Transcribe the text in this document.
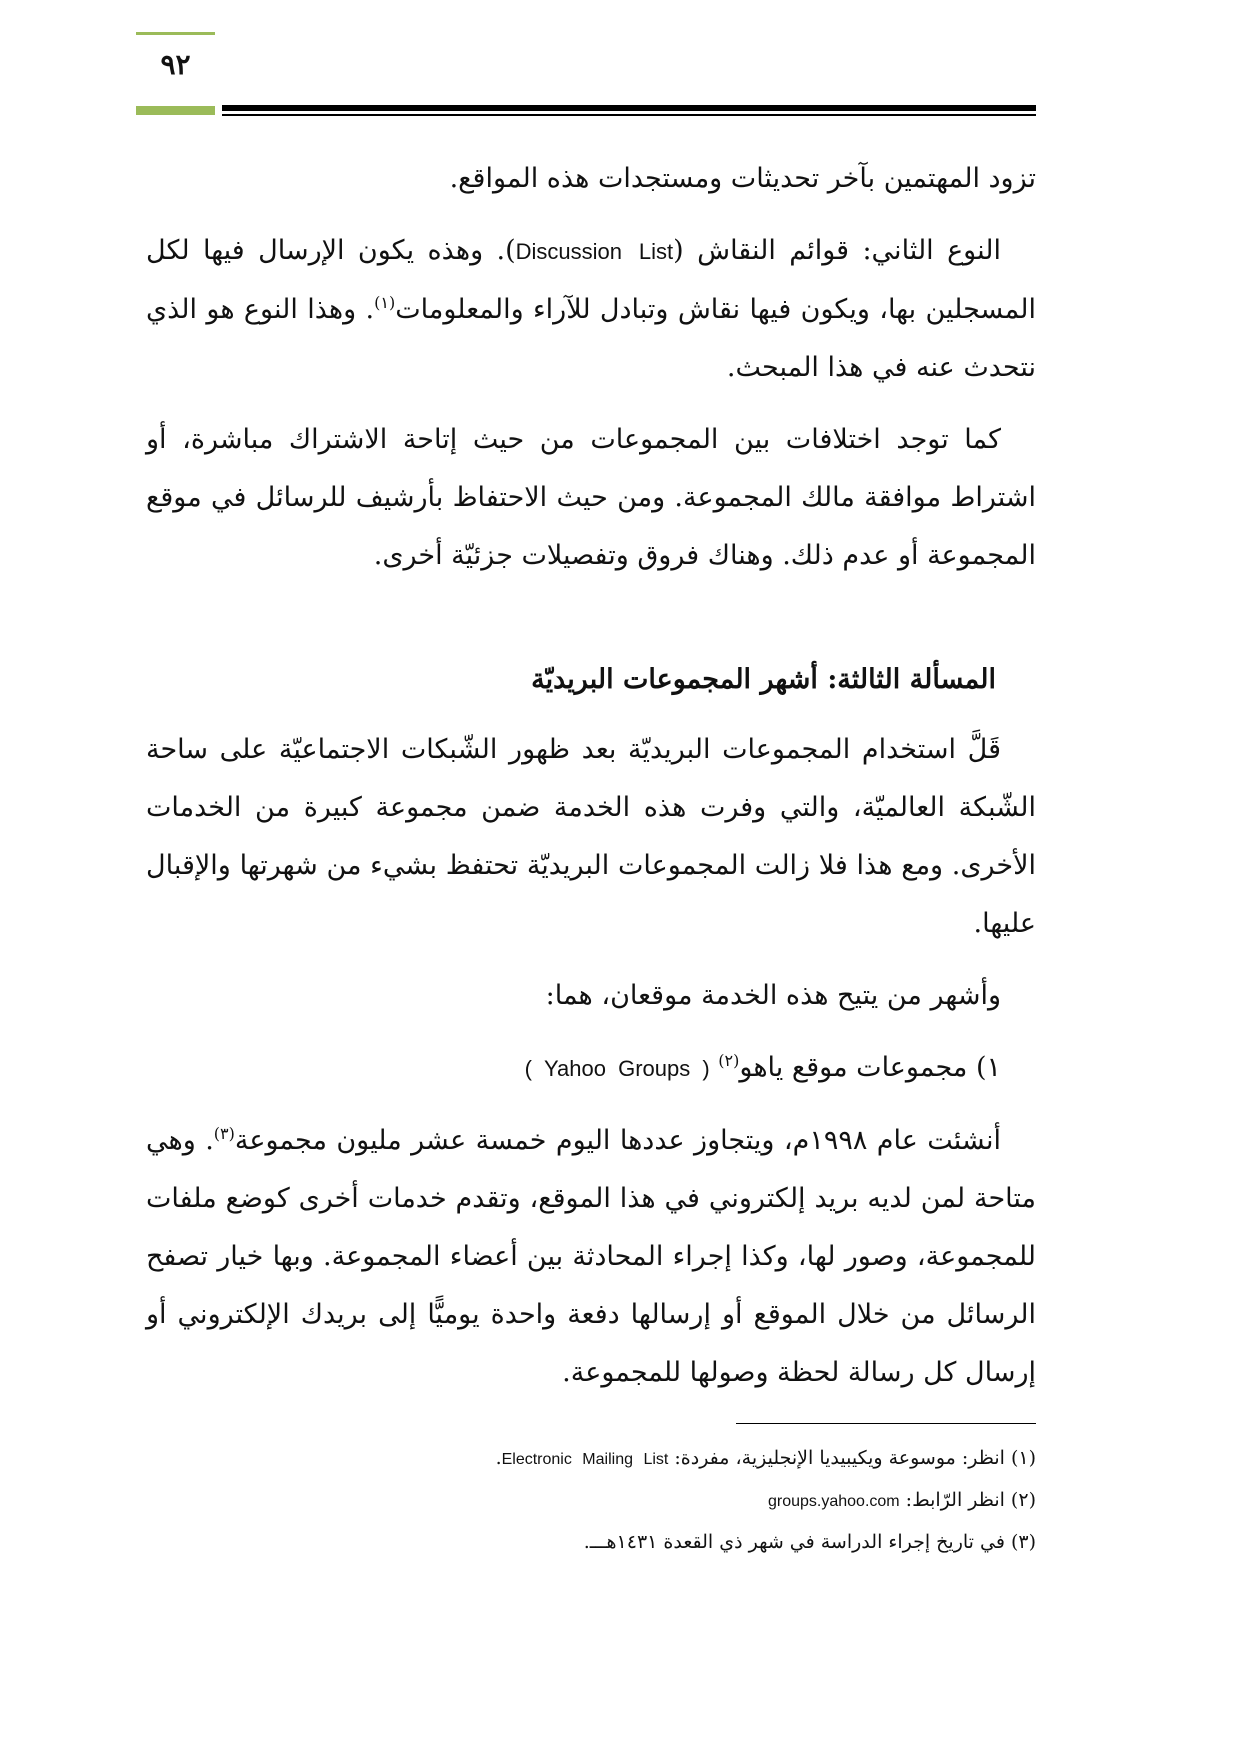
٩٢

تزود المهتمين بآخر تحديثات ومستجدات هذه المواقع.

النوع الثاني: قوائم النقاش (Discussion List). وهذه يكون الإرسال فيها لكل المسجلين بها، ويكون فيها نقاش وتبادل للآراء والمعلومات$^{(١)}$. وهذا النوع هو الذي نتحدث عنه في هذا المبحث.

كما توجد اختلافات بين المجموعات من حيث إتاحة الاشتراك مباشرة، أو اشتراط موافقة مالك المجموعة. ومن حيث الاحتفاظ بأرشيف للرسائل في موقع المجموعة أو عدم ذلك. وهناك فروق وتفصيلات جزئيّة أخرى.

المسألة الثالثة: أشهر المجموعات البريديّة

قَلَّ استخدام المجموعات البريديّة بعد ظهور الشّبكات الاجتماعيّة على ساحة الشّبكة العالميّة، والتي وفرت هذه الخدمة ضمن مجموعة كبيرة من الخدمات الأخرى. ومع هذا فلا زالت المجموعات البريديّة تحتفظ بشيء من شهرتها والإقبال عليها.

وأشهر من يتيح هذه الخدمة موقعان، هما:

١) مجموعات موقع ياهو$^{(٢)}$ ( Yahoo Groups )

أنشئت عام ١٩٩٨م، ويتجاوز عددها اليوم خمسة عشر مليون مجموعة$^{(٣)}$. وهي متاحة لمن لديه بريد إلكتروني في هذا الموقع، وتقدم خدمات أخرى كوضع ملفات للمجموعة، وصور لها، وكذا إجراء المحادثة بين أعضاء المجموعة. وبها خيار تصفح الرسائل من خلال الموقع أو إرسالها دفعة واحدة يوميًّا إلى بريدك الإلكتروني أو إرسال كل رسالة لحظة وصولها للمجموعة.

(١) انظر: موسوعة ويكيبيديا الإنجليزية، مفردة: Electronic Mailing List.
(٢) انظر الرّابط: groups.yahoo.com
(٣) في تاريخ إجراء الدراسة في شهر ذي القعدة ١٤٣١هـــ.
